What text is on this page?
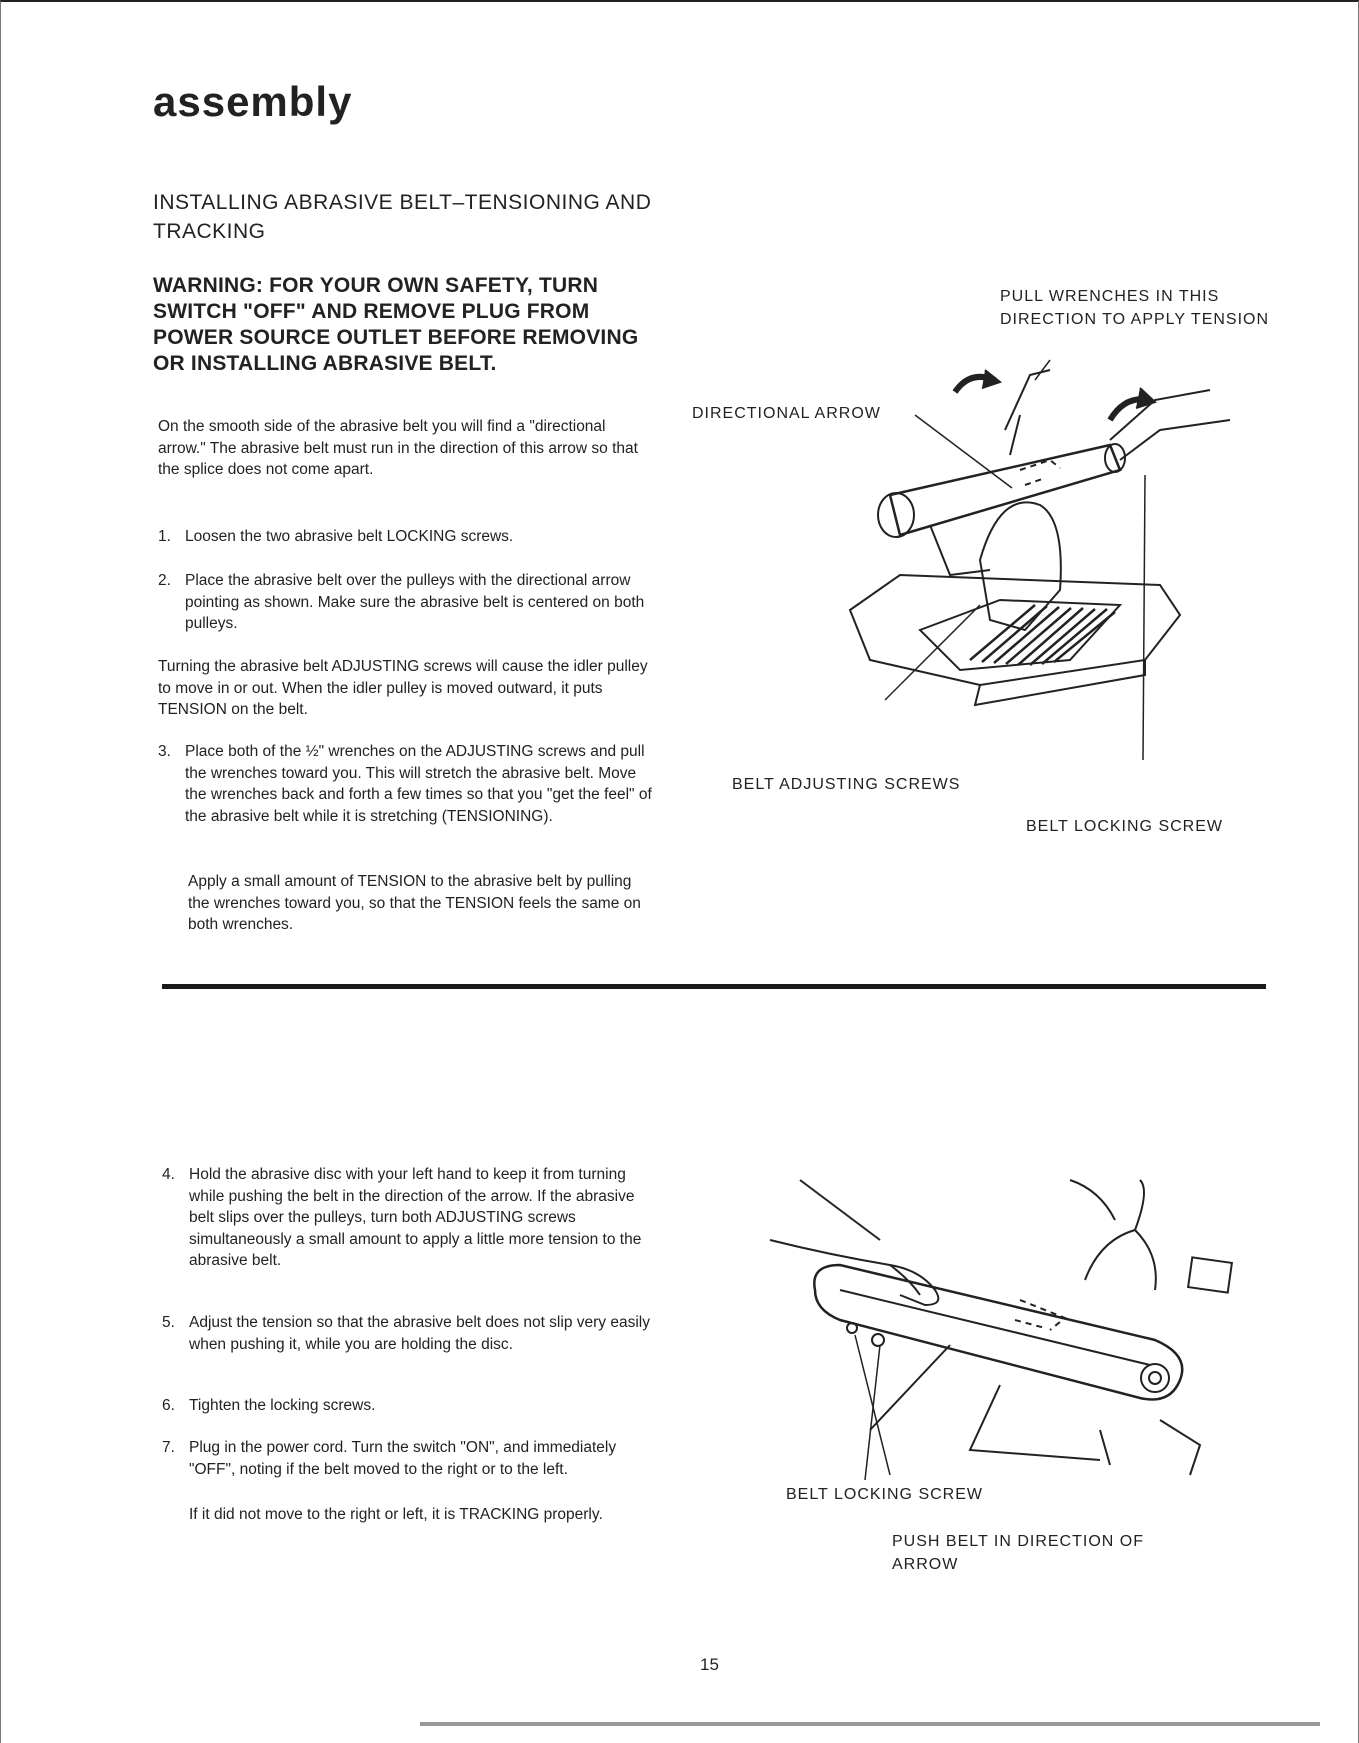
assembly
INSTALLING ABRASIVE BELT–TENSIONING AND TRACKING
WARNING: FOR YOUR OWN SAFETY, TURN SWITCH "OFF" AND REMOVE PLUG FROM POWER SOURCE OUTLET BEFORE REMOVING OR INSTALLING ABRASIVE BELT.

On the smooth side of the abrasive belt you will find a "directional arrow." The abrasive belt must run in the direction of this arrow so that the splice does not come apart.

1. Loosen the two abrasive belt LOCKING screws.
2. Place the abrasive belt over the pulleys with the directional arrow pointing as shown. Make sure the abrasive belt is centered on both pulleys.

Turning the abrasive belt ADJUSTING screws will cause the idler pulley to move in or out. When the idler pulley is moved outward, it puts TENSION on the belt.

3. Place both of the ½" wrenches on the ADJUSTING screws and pull the wrenches toward you. This will stretch the abrasive belt. Move the wrenches back and forth a few times so that you "get the feel" of the abrasive belt while it is stretching (TENSIONING).

Apply a small amount of TENSION to the abrasive belt by pulling the wrenches toward you, so that the TENSION feels the same on both wrenches.

PULL WRENCHES IN THIS DIRECTION TO APPLY TENSION
DIRECTIONAL ARROW
BELT ADJUSTING SCREWS
BELT LOCKING SCREW
4. Hold the abrasive disc with your left hand to keep it from turning while pushing the belt in the direction of the arrow. If the abrasive belt slips over the pulleys, turn both ADJUSTING screws simultaneously a small amount to apply a little more tension to the abrasive belt.
5. Adjust the tension so that the abrasive belt does not slip very easily when pushing it, while you are holding the disc.
6. Tighten the locking screws.
7. Plug in the power cord. Turn the switch "ON", and immediately "OFF", noting if the belt moved to the right or to the left.

If it did not move to the right or left, it is TRACKING properly.

BELT LOCKING SCREW
PUSH BELT IN DIRECTION OF ARROW
15
